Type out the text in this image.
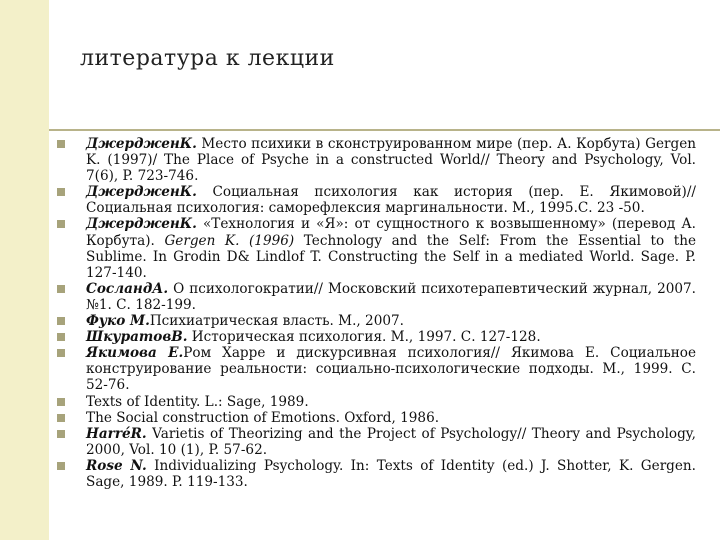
литература к лекции
ДжердженК. Место психики в сконструированном мире (пер. А. Корбута) Gergen K. (1997)/ The Place of Psyche in a constructed World// Theory and Psychology, Vol. 7(6), P. 723-746.
ДжердженК. Социальная психология как история (пер. Е. Якимовой)// Социальная психология: саморефлексия маргинальности. М., 1995.С. 23 -50.
ДжердженК. «Технология и «Я»: от сущностного к возвышенному» (перевод А. Корбута). Gergen K. (1996) Technology and the Self: From the Essential to the Sublime. In Grodin D& Lindlof T. Constructing the Self in a mediated World. Sage. P. 127-140.
СосландА. О психологократии// Московский психотерапевтический журнал, 2007. №1. С. 182-199.
Фуко М.Психиатрическая власть. М., 2007.
ШкуратовВ. Историческая психология. М., 1997. С. 127-128.
Якимова Е.Ром Харре и дискурсивная психология// Якимова Е. Социальное конструирование реальности: социально-психологические подходы. М., 1999. С. 52-76.
Texts of Identity. L.: Sage, 1989.
The Social construction of Emotions. Oxford, 1986.
HarréR. Varietis of Theorizing and the Project of Psychology// Theory and Psychology, 2000, Vol. 10 (1), P. 57-62.
Rose N. Individualizing Psychology. In: Texts of Identity (ed.) J. Shotter, K. Gergen. Sage, 1989. P. 119-133.
